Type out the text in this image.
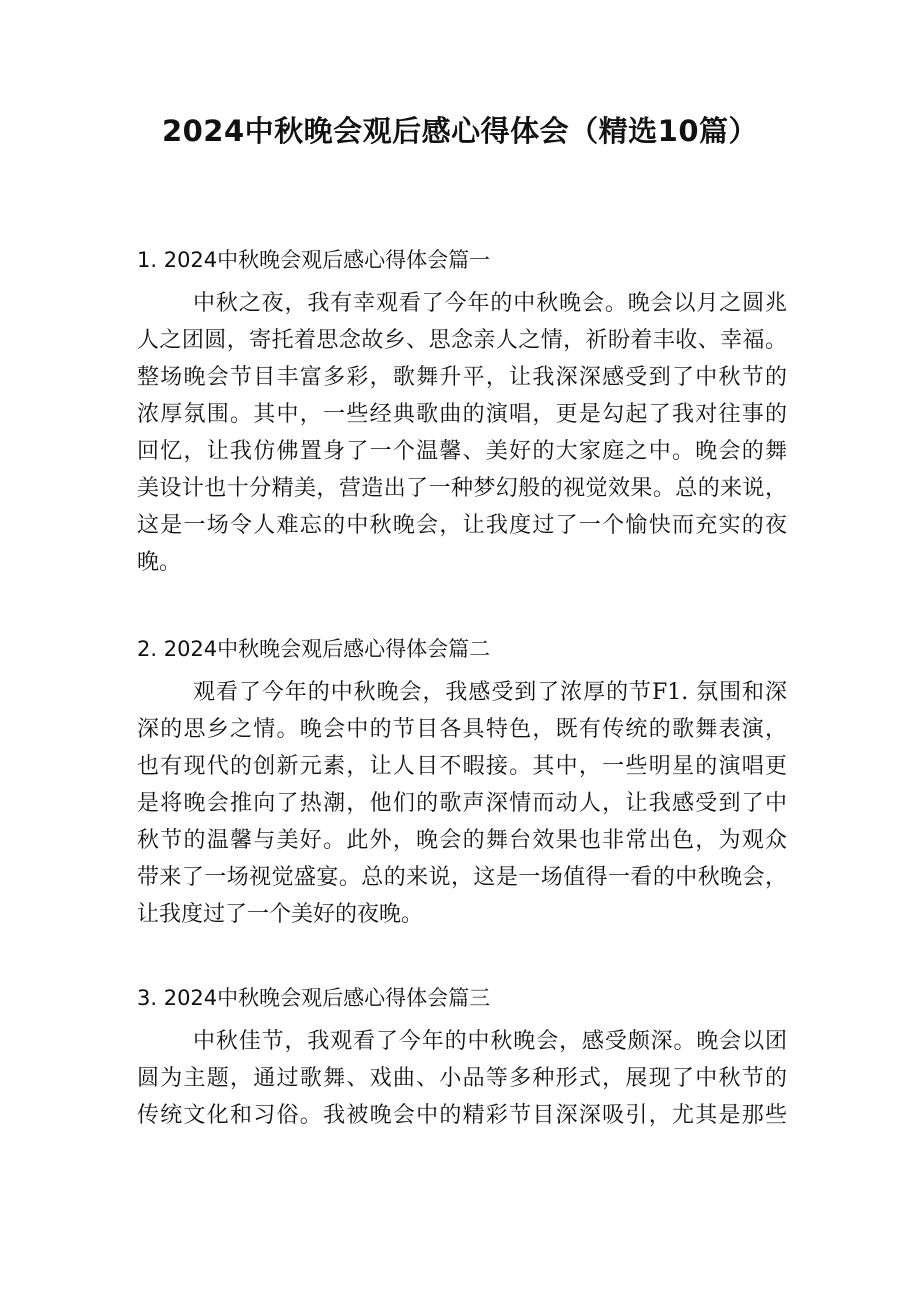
2024中秋晚会观后感心得体会（精选10篇）
1. 2024中秋晚会观后感心得体会篇一
中秋之夜，我有幸观看了今年的中秋晚会。晚会以月之圆兆
人之团圆，寄托着思念故乡、思念亲人之情，祈盼着丰收、幸福。
整场晚会节目丰富多彩，歌舞升平，让我深深感受到了中秋节的
浓厚氛围。其中，一些经典歌曲的演唱，更是勾起了我对往事的
回忆，让我仿佛置身了一个温馨、美好的大家庭之中。晚会的舞
美设计也十分精美，营造出了一种梦幻般的视觉效果。总的来说，
这是一场令人难忘的中秋晚会，让我度过了一个愉快而充实的夜
晚。
2. 2024中秋晚会观后感心得体会篇二
观看了今年的中秋晚会，我感受到了浓厚的节F1. 氛围和深
深的思乡之情。晚会中的节目各具特色，既有传统的歌舞表演，
也有现代的创新元素，让人目不暇接。其中，一些明星的演唱更
是将晚会推向了热潮，他们的歌声深情而动人，让我感受到了中
秋节的温馨与美好。此外，晚会的舞台效果也非常出色，为观众
带来了一场视觉盛宴。总的来说，这是一场值得一看的中秋晚会，
让我度过了一个美好的夜晚。
3. 2024中秋晚会观后感心得体会篇三
中秋佳节，我观看了今年的中秋晚会，感受颇深。晚会以团
圆为主题，通过歌舞、戏曲、小品等多种形式，展现了中秋节的
传统文化和习俗。我被晚会中的精彩节目深深吸引，尤其是那些
